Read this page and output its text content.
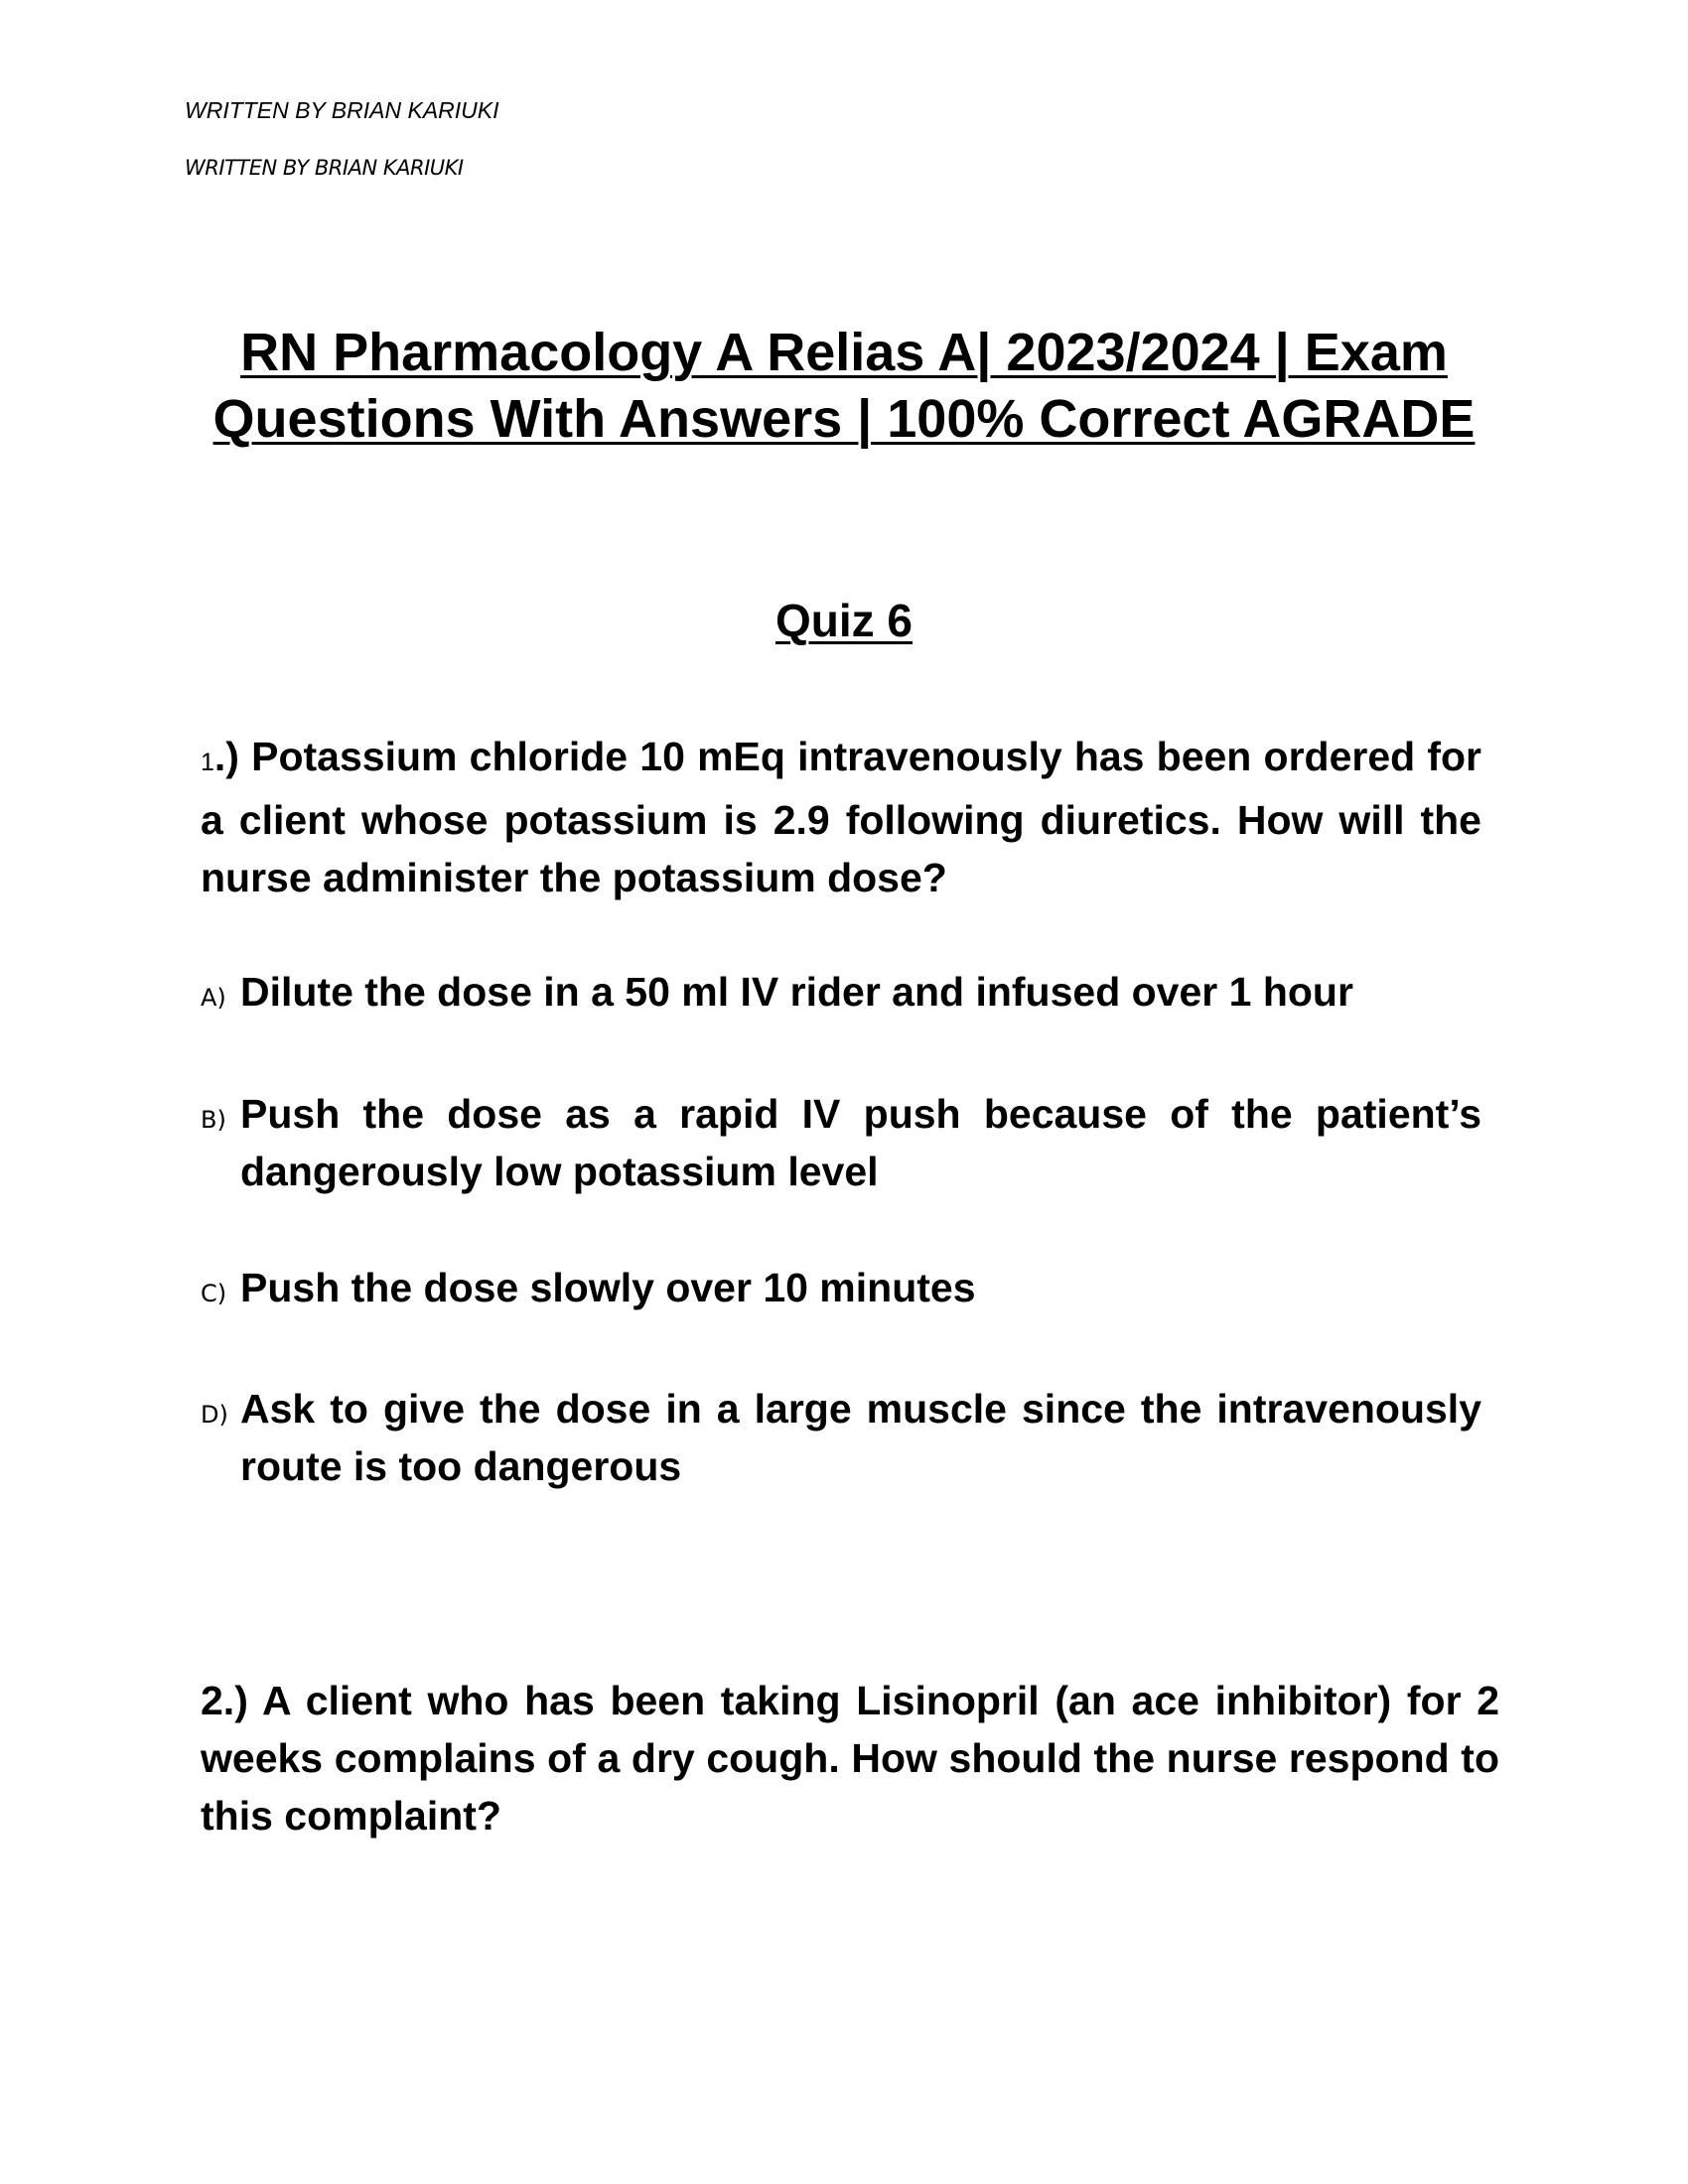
WRITTEN BY BRIAN KARIUKI
WRITTEN BY BRIAN KARIUKI
RN Pharmacology A Relias A| 2023/2024 | Exam
Questions With Answers | 100% Correct AGRADE
Quiz 6
1.) Potassium chloride 10 mEq intravenously has been ordered for a client whose potassium is 2.9 following diuretics. How will the nurse administer the potassium dose?
A) Dilute the dose in a 50 ml IV rider and infused over 1 hour
B) Push the dose as a rapid IV push because of the patient’s dangerously low potassium level
C) Push the dose slowly over 10 minutes
D) Ask to give the dose in a large muscle since the intravenously route is too dangerous
2.) A client who has been taking Lisinopril (an ace inhibitor) for 2 weeks complains of a dry cough. How should the nurse respond to this complaint?
